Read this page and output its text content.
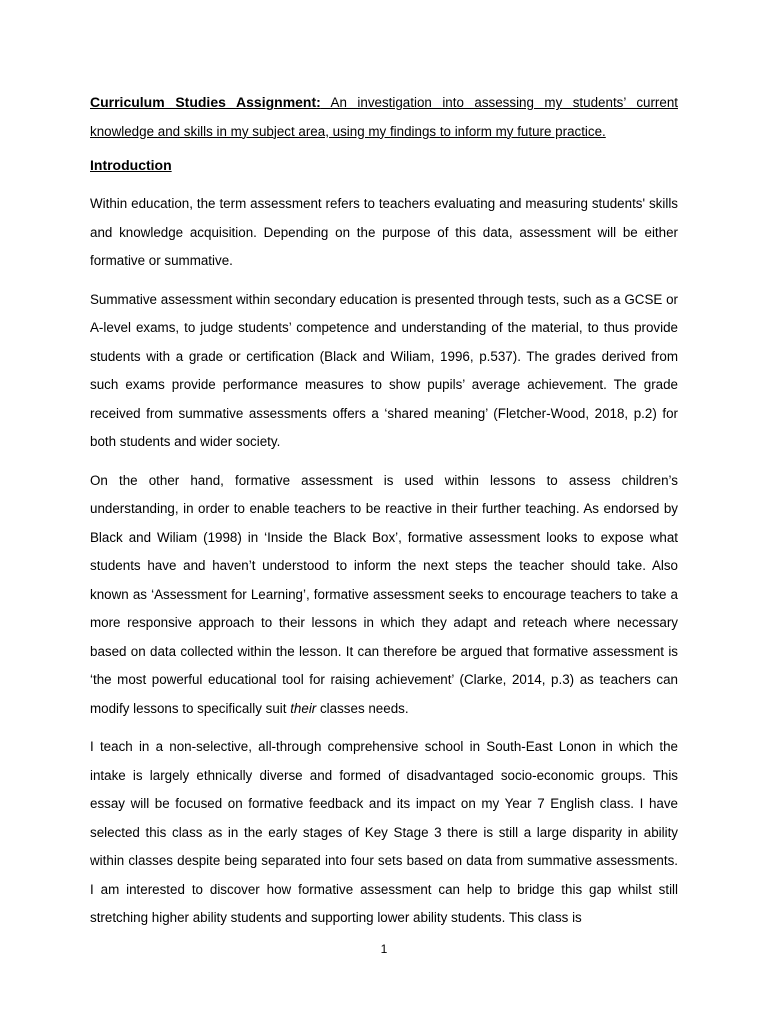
Curriculum Studies Assignment: An investigation into assessing my students’ current knowledge and skills in my subject area, using my findings to inform my future practice.

Introduction

Within education, the term assessment refers to teachers evaluating and measuring students' skills and knowledge acquisition. Depending on the purpose of this data, assessment will be either formative or summative.

Summative assessment within secondary education is presented through tests, such as a GCSE or A-level exams, to judge students’ competence and understanding of the material, to thus provide students with a grade or certification (Black and Wiliam, 1996, p.537). The grades derived from such exams provide performance measures to show pupils’ average achievement. The grade received from summative assessments offers a ‘shared meaning’ (Fletcher-Wood, 2018, p.2) for both students and wider society.

On the other hand, formative assessment is used within lessons to assess children’s understanding, in order to enable teachers to be reactive in their further teaching. As endorsed by Black and Wiliam (1998) in ‘Inside the Black Box’, formative assessment looks to expose what students have and haven’t understood to inform the next steps the teacher should take. Also known as ‘Assessment for Learning’, formative assessment seeks to encourage teachers to take a more responsive approach to their lessons in which they adapt and reteach where necessary based on data collected within the lesson. It can therefore be argued that formative assessment is ‘the most powerful educational tool for raising achievement’ (Clarke, 2014, p.3) as teachers can modify lessons to specifically suit their classes needs.

I teach in a non-selective, all-through comprehensive school in South-East Lonon in which the intake is largely ethnically diverse and formed of disadvantaged socio-economic groups. This essay will be focused on formative feedback and its impact on my Year 7 English class. I have selected this class as in the early stages of Key Stage 3 there is still a large disparity in ability within classes despite being separated into four sets based on data from summative assessments. I am interested to discover how formative assessment can help to bridge this gap whilst still stretching higher ability students and supporting lower ability students. This class is

1
